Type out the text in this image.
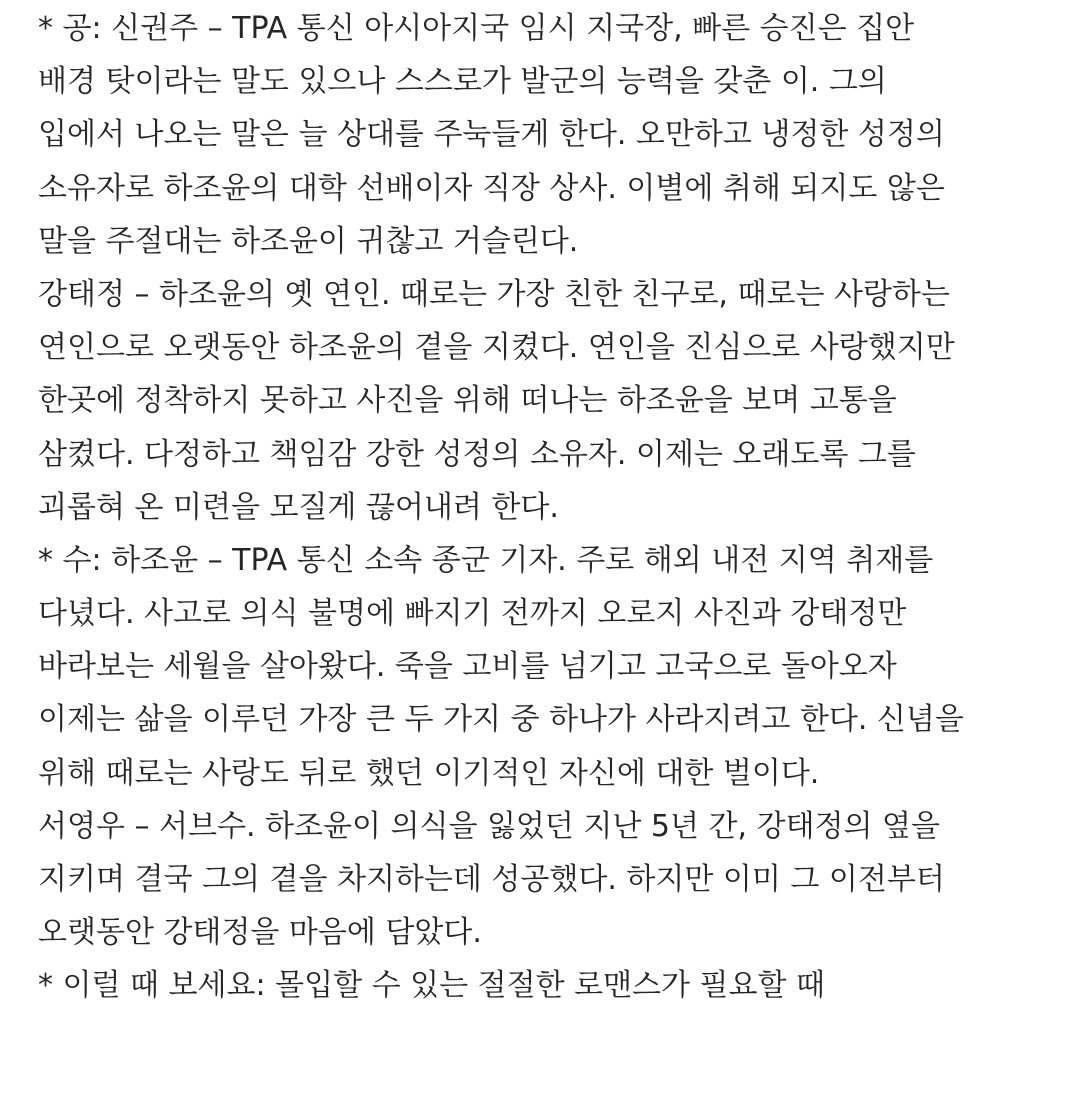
* 공: 신권주 – TPA 통신 아시아지국 임시 지국장, 빠른 승진은 집안
배경 탓이라는 말도 있으나 스스로가 발군의 능력을 갖춘 이. 그의
입에서 나오는 말은 늘 상대를 주눅들게 한다. 오만하고 냉정한 성정의
소유자로 하조윤의 대학 선배이자 직장 상사. 이별에 취해 되지도 않은
말을 주절대는 하조윤이 귀찮고 거슬린다.
강태정 – 하조윤의 옛 연인. 때로는 가장 친한 친구로, 때로는 사랑하는
연인으로 오랫동안 하조윤의 곁을 지켰다. 연인을 진심으로 사랑했지만
한곳에 정착하지 못하고 사진을 위해 떠나는 하조윤을 보며 고통을
삼켰다. 다정하고 책임감 강한 성정의 소유자. 이제는 오래도록 그를
괴롭혀 온 미련을 모질게 끊어내려 한다.
* 수: 하조윤 – TPA 통신 소속 종군 기자. 주로 해외 내전 지역 취재를
다녔다. 사고로 의식 불명에 빠지기 전까지 오로지 사진과 강태정만
바라보는 세월을 살아왔다. 죽을 고비를 넘기고 고국으로 돌아오자
이제는 삶을 이루던 가장 큰 두 가지 중 하나가 사라지려고 한다. 신념을
위해 때로는 사랑도 뒤로 했던 이기적인 자신에 대한 벌이다.
서영우 – 서브수. 하조윤이 의식을 잃었던 지난 5년 간, 강태정의 옆을
지키며 결국 그의 곁을 차지하는데 성공했다. 하지만 이미 그 이전부터
오랫동안 강태정을 마음에 담았다.
* 이럴 때 보세요: 몰입할 수 있는 절절한 로맨스가 필요할 때
